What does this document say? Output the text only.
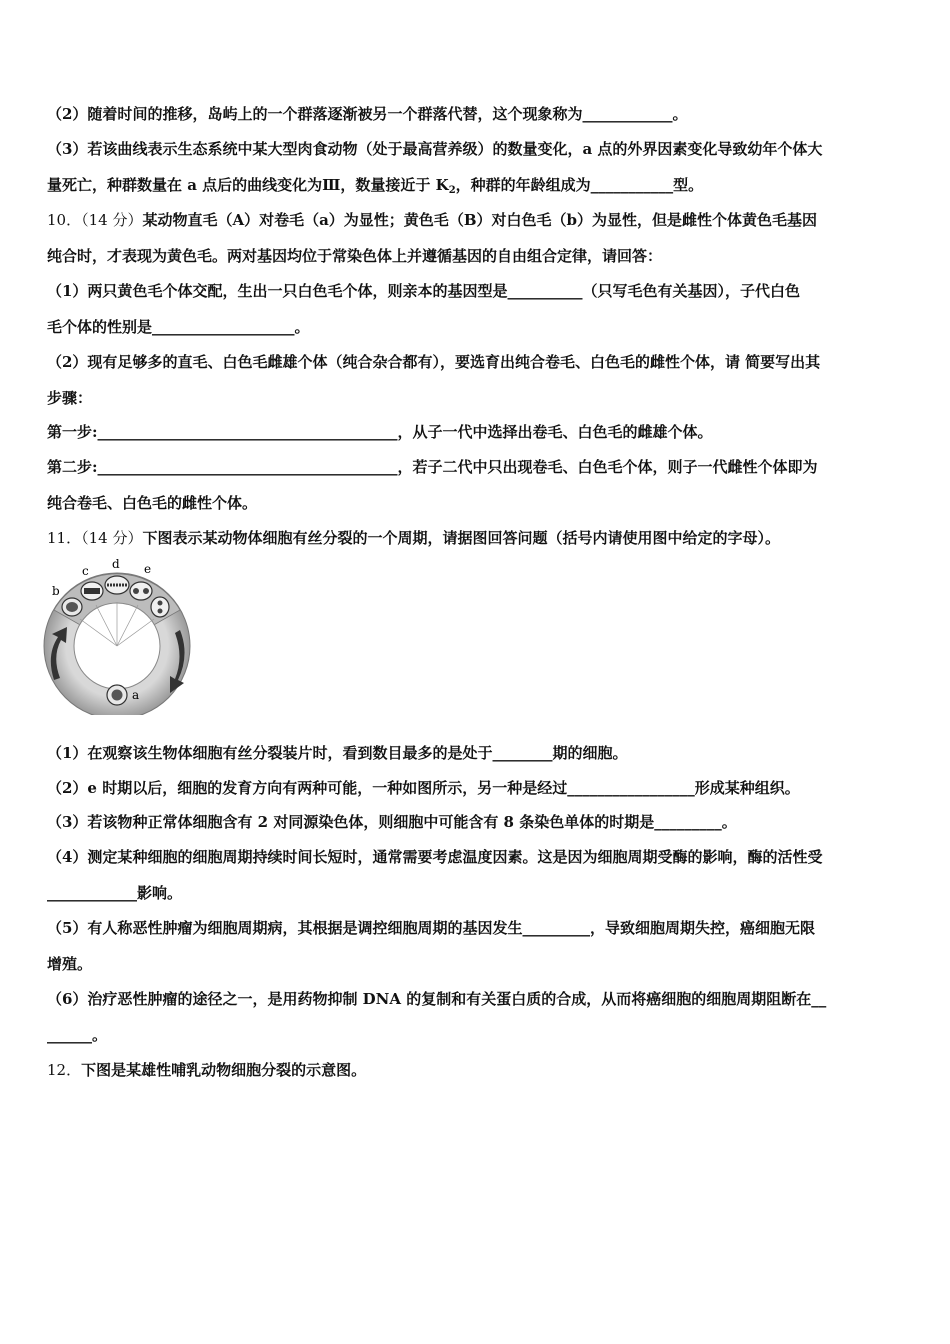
（2）随着时间的推移，岛屿上的一个群落逐渐被另一个群落代替，这个现象称为____________。
（3）若该曲线表示生态系统中某大型肉食动物（处于最高营养级）的数量变化，a 点的外界因素变化导致幼年个体大
量死亡，种群数量在 a 点后的曲线变化为Ⅲ，数量接近于 $K_2$，种群的年龄组成为___________型。
10．（14 分）某动物直毛（A）对卷毛（a）为显性；黄色毛（B）对白色毛（b）为显性，但是雌性个体黄色毛基因
纯合时，才表现为黄色毛。两对基因均位于常染色体上并遵循基因的自由组合定律，请回答：
（1）两只黄色毛个体交配，生出一只白色毛个体，则亲本的基因型是__________（只写毛色有关基因），子代白色
毛个体的性别是___________________。
（2）现有足够多的直毛、白色毛雌雄个体（纯合杂合都有），要选育出纯合卷毛、白色毛的雌性个体，请 简要写出其
步骤：
第一步:________________________________________，从子一代中选择出卷毛、白色毛的雌雄个体。
第二步:________________________________________，若子二代中只出现卷毛、白色毛个体，则子一代雌性个体即为
纯合卷毛、白色毛的雌性个体。
11．（14 分）下图表示某动物体细胞有丝分裂的一个周期，请据图回答问题（括号内请使用图中给定的字母）。
a
b
c d e
（1）在观察该生物体细胞有丝分裂装片时，看到数目最多的是处于________期的细胞。
（2）e 时期以后，细胞的发育方向有两种可能，一种如图所示，另一种是经过_________________形成某种组织。
（3）若该物种正常体细胞含有 2 对同源染色体，则细胞中可能含有 8 条染色单体的时期是_________。
（4）测定某种细胞的细胞周期持续时间长短时，通常需要考虑温度因素。这是因为细胞周期受酶的影响，酶的活性受
____________影响。
（5）有人称恶性肿瘤为细胞周期病，其根据是调控细胞周期的基因发生_________，导致细胞周期失控，癌细胞无限
增殖。
（6）治疗恶性肿瘤的途径之一，是用药物抑制 DNA 的复制和有关蛋白质的合成，从而将癌细胞的细胞周期阻断在__
______。
12．下图是某雄性哺乳动物细胞分裂的示意图。
